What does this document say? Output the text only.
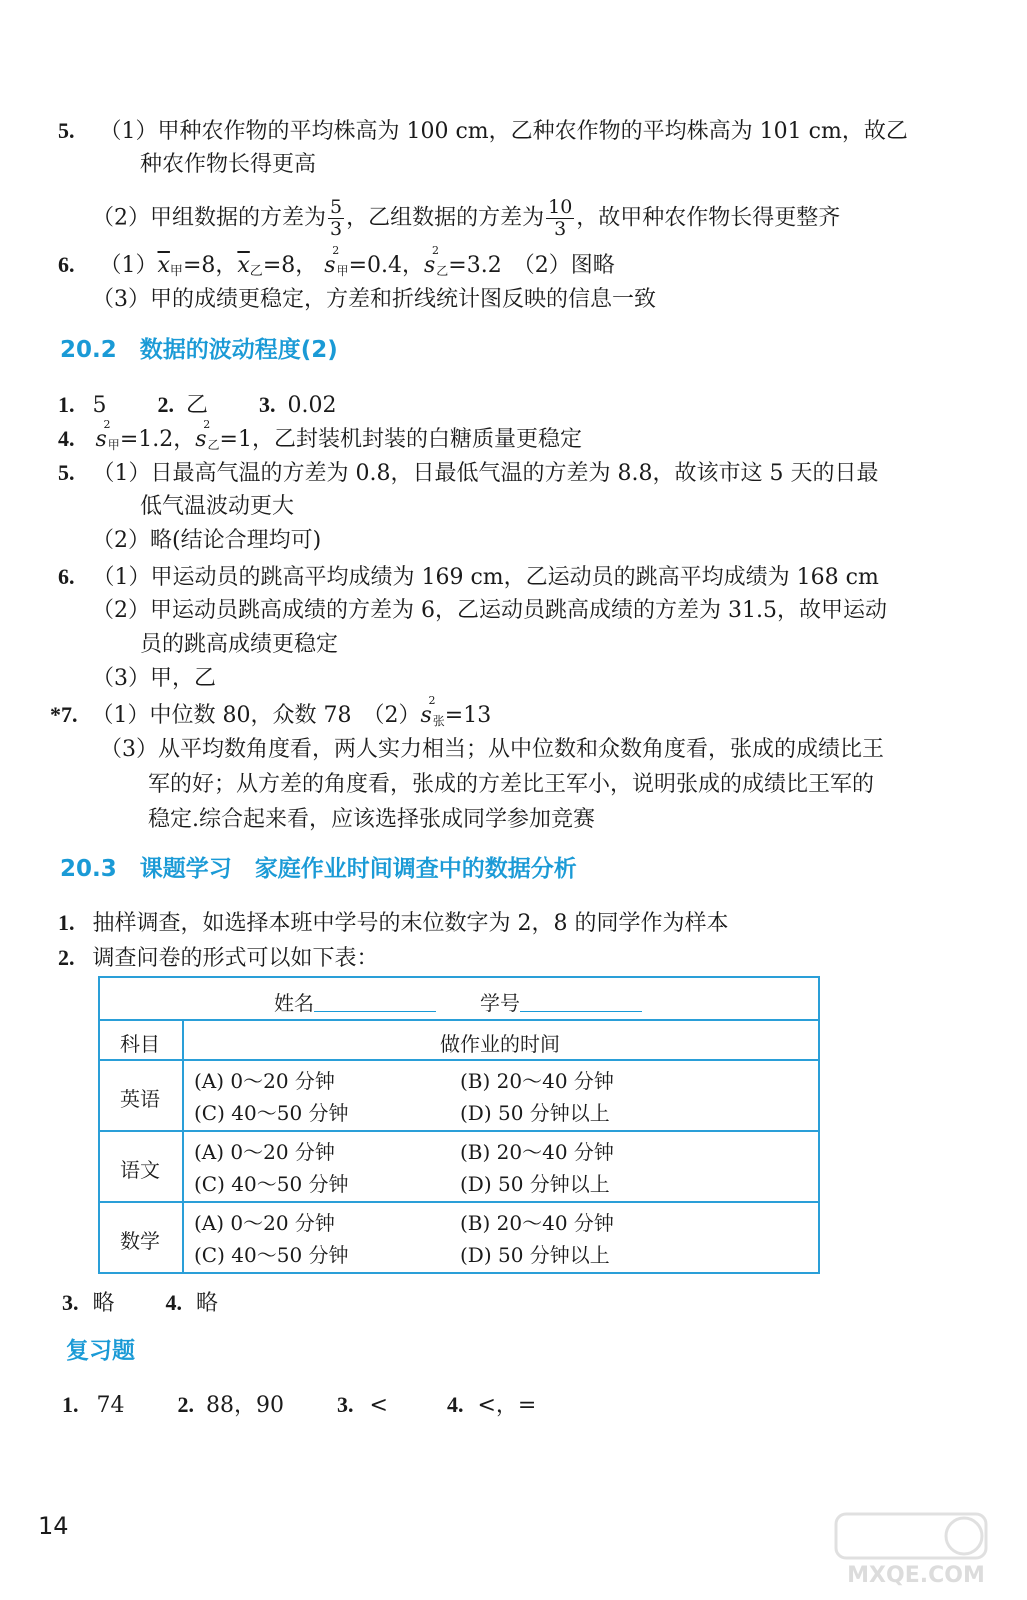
5. （1）甲种农作物的平均株高为 100 cm，乙种农作物的平均株高为 101 cm，故乙
种农作物长得更高
（2）甲组数据的方差为 $\frac{5}{3}$ ，乙组数据的方差为 $\frac{10}{3}$ ，故甲种农作物长得更整齐
6. $(1)\overline{x}_甲=8$，$\overline{x}_乙=8$， s
2
甲=0.4，s
2
乙=3.2　（2）图略
（3）甲的成绩更稳定，方差和折线统计图反映的信息一致
20.2　数据的波动程度(2)
1. 5 2. 乙 3. 0.02
4. s
2
甲=1.2，s
2
乙=1，乙封装机封装的白糖质量更稳定
5. （1）日最高气温的方差为 0.8，日最低气温的方差为 8.8，故该市这 5 天的日最
低气温波动更大
（2）略(结论合理均可)
6. （1）甲运动员的跳高平均成绩为 169 cm，乙运动员的跳高平均成绩为 168 cm
（2）甲运动员跳高成绩的方差为 6，乙运动员跳高成绩的方差为 31.5，故甲运动
员的跳高成绩更稳定
（3）甲，乙
*7. （1）中位数 80，众数 78　（2）s
2
张=13
（3）从平均数角度看，两人实力相当；从中位数和众数角度看，张成的成绩比王
军的好；从方差的角度看，张成的方差比王军小，说明张成的成绩比王军的
稳定.综合起来看，应该选择张成同学参加竞赛
20.3　课题学习　家庭作业时间调查中的数据分析
1. 抽样调查，如选择本班中学号的末位数字为 2，8 的同学作为样本
2. 调查问卷的形式可以如下表：
姓名	学号
科目	做作业的时间
英语
(A) 0～20 分钟	(B) 20～40 分钟
(C) 40～50 分钟	(D) 50 分钟以上
语文
(A) 0～20 分钟	(B) 20～40 分钟
(C) 40～50 分钟	(D) 50 分钟以上
数学
(A) 0～20 分钟	(B) 20～40 分钟
(C) 40～50 分钟	(D) 50 分钟以上
3. 略 4. 略
复习题
1. 74 2. 88，90 3. <	4. <，=
14
MXQE.COM
